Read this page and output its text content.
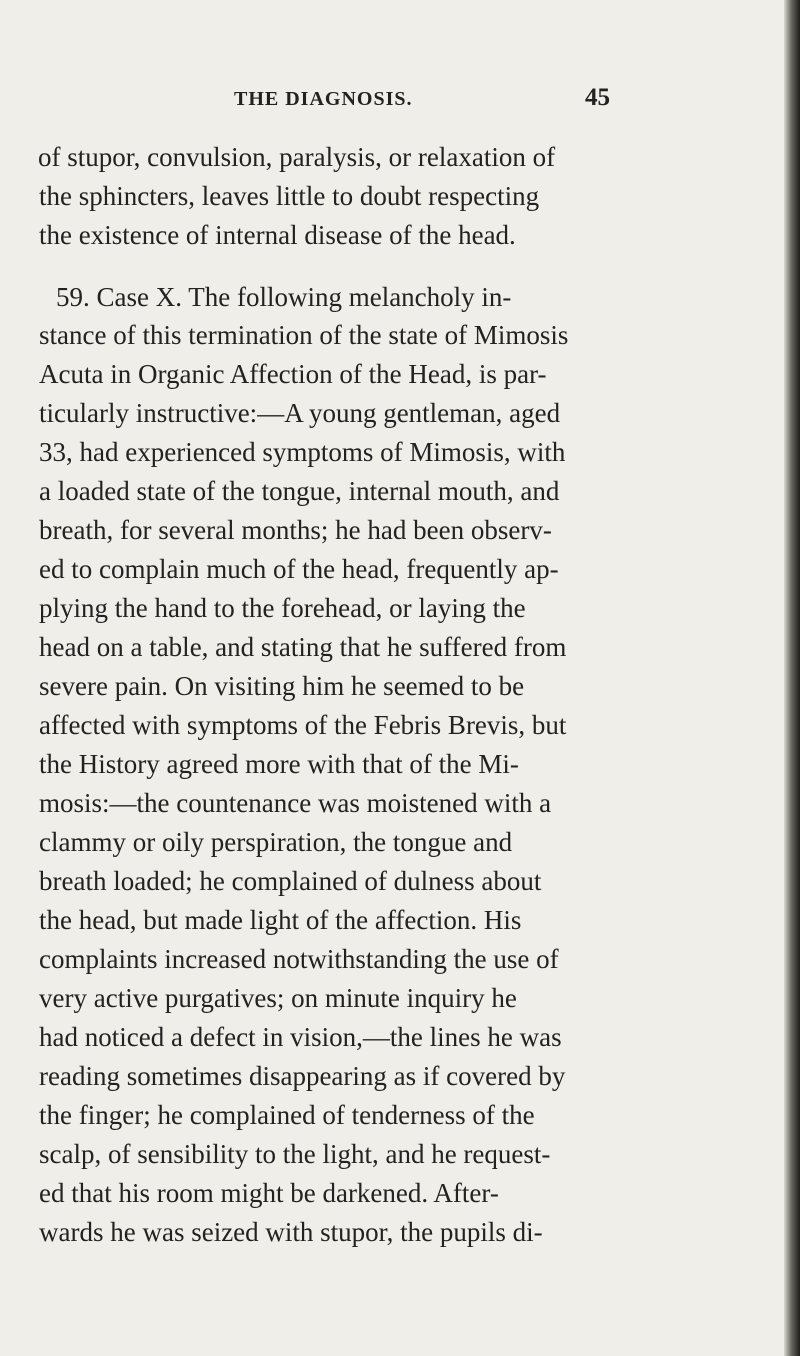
THE DIAGNOSIS.	45
of stupor, convulsion, paralysis, or relaxation of
the sphincters, leaves little to doubt respecting
the existence of internal disease of the head.
59. Case X. The following melancholy in-
stance of this termination of the state of Mimosis
Acuta in Organic Affection of the Head, is par-
ticularly instructive:—A young gentleman, aged
33, had experienced symptoms of Mimosis, with
a loaded state of the tongue, internal mouth, and
breath, for several months; he had been observ-
ed to complain much of the head, frequently ap-
plying the hand to the forehead, or laying the
head on a table, and stating that he suffered from
severe pain. On visiting him he seemed to be
affected with symptoms of the Febris Brevis, but
the History agreed more with that of the Mi-
mosis:—the countenance was moistened with a
clammy or oily perspiration, the tongue and
breath loaded; he complained of dulness about
the head, but made light of the affection. His
complaints increased notwithstanding the use of
very active purgatives; on minute inquiry he
had noticed a defect in vision,—the lines he was
reading sometimes disappearing as if covered by
the finger; he complained of tenderness of the
scalp, of sensibility to the light, and he request-
ed that his room might be darkened. After-
wards he was seized with stupor, the pupils di-
